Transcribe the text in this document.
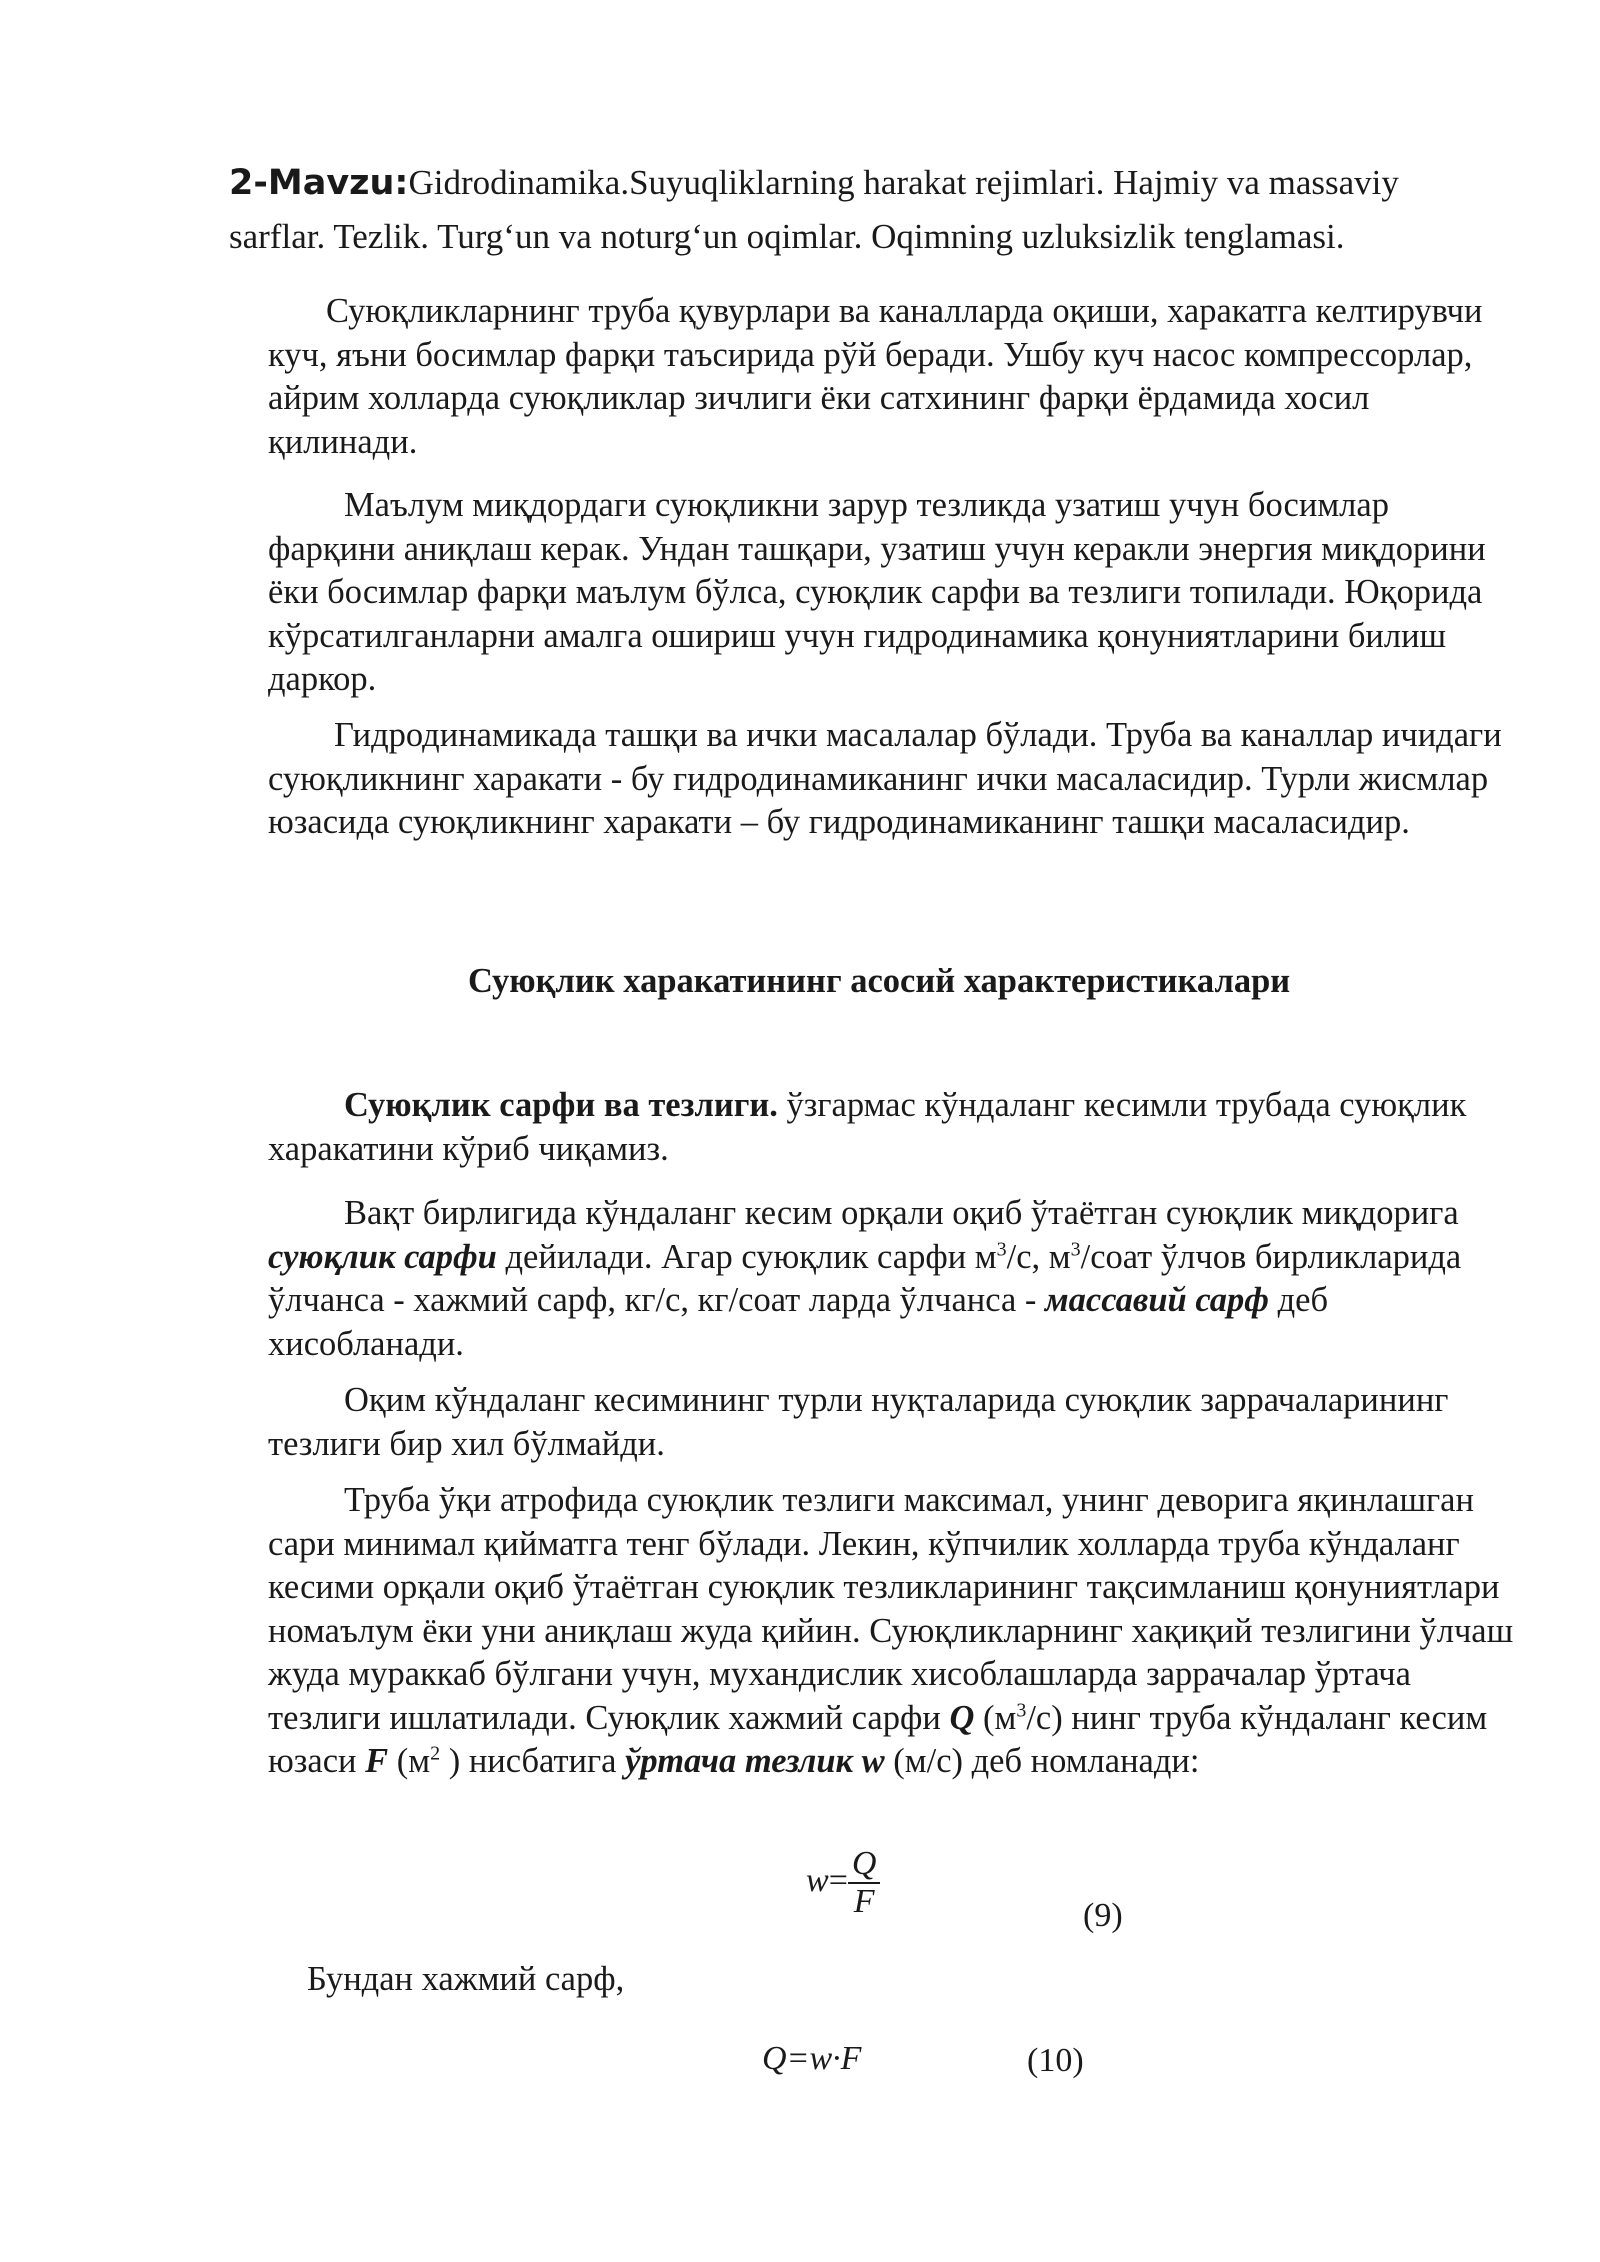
2-Mavzu:Gidrodinamika.Suyuqliklarning harakat rejimlari. Hajmiy va massaviy sarflar. Tezlik. Turg‘un va noturg‘un oqimlar. Oqimning uzluksizlik tenglamasi.

Суюқликларнинг труба қувурлари ва каналларда оқиши, харакатга келтирувчи куч, яъни босимлар фарқи таъсирида рўй беради. Ушбу куч насос компрессорлар, айрим холларда суюқликлар зичлиги ёки сатхининг фарқи ёрдамида хосил қилинади.

Маълум миқдордаги суюқликни зарур тезликда узатиш учун босимлар фарқини аниқлаш керак. Ундан ташқари, узатиш учун керакли энергия миқдорини ёки босимлар фарқи маълум бўлса, суюқлик сарфи ва тезлиги топилади. Юқорида кўрсатилганларни амалга ошириш учун гидродинамика қонуниятларини билиш даркор.

Гидродинамикада ташқи ва ички масалалар бўлади. Труба ва каналлар ичидаги суюқликнинг харакати - бу гидродинамиканинг ички масаласидир. Турли жисмлар юзасида суюқликнинг харакати – бу гидродинамиканинг ташқи масаласидир.

Суюқлик харакатининг асосий характеристикалари

Суюқлик сарфи ва тезлиги. ўзгармас кўндаланг кесимли трубада суюқлик харакатини кўриб чиқамиз.

Вақт бирлигида кўндаланг кесим орқали оқиб ўтаётган суюқлик миқдорига суюқлик сарфи дейилади. Агар суюқлик сарфи $м^3/с$, $м^3$/соат ўлчов бирликларида ўлчанса - хажмий сарф, кг/с, кг/соат ларда ўлчанса - массавий сарф деб хисобланади.

Оқим кўндаланг кесимининг турли нуқталарида суюқлик заррачаларининг тезлиги бир хил бўлмайди.

Труба ўқи атрофида суюқлик тезлиги максимал, унинг деворига яқинлашган сари минимал қийматга тенг бўлади. Лекин, кўпчилик холларда труба кўндаланг кесими орқали оқиб ўтаётган суюқлик тезликларининг тақсимланиш қонуниятлари номаълум ёки уни аниқлаш жуда қийин. Суюқликларнинг хақиқий тезлигини ўлчаш жуда мураккаб бўлгани учун, мухандислик хисоблашларда заррачалар ўртача тезлиги ишлатилади. Суюқлик хажмий сарфи Q $(м^3/с)$ нинг труба кўндаланг кесим юзаси F ($м^2$ ) нисбатига ўртача тезлик w (м/с) деб номланади:

$w= \frac{Q}{F}$	(9)

Бундан хажмий сарф,

Q=w·F	(10)
